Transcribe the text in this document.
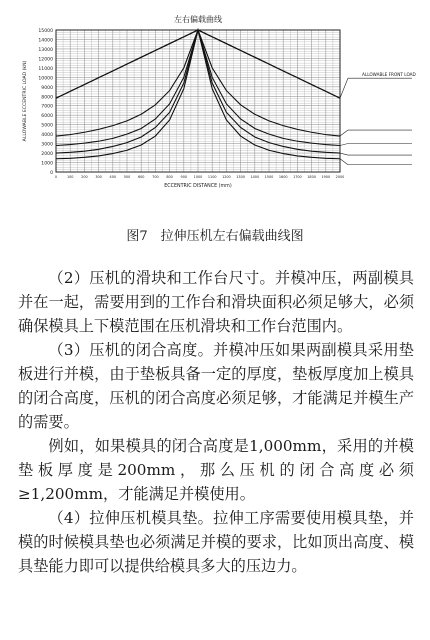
0
1000
2000
3000
4000
5000
6000
7000
8000
9000
10000
11000
12000
13000
14000
15000
0	100 200 300 400 500 600 700 800 900 1000 1100 1200 1300 1400 1500 1600 1700 1800 1900 2000
左右偏载曲线
ECCENTRIC DISTANCE (mm)
ALLOWABLE ECCENTRIC LOAD (kN)	ALLOWABLE FRONT LOAD
图7　拉伸压机左右偏载曲线图

（2）压机的滑块和工作台尺寸。并模冲压，两副模具并在一起，需要用到的工作台和滑块面积必须足够大，必须确保模具上下模范围在压机滑块和工作台范围内。

（3）压机的闭合高度。并模冲压如果两副模具采用垫板进行并模，由于垫板具备一定的厚度，垫板厚度加上模具的闭合高度，压机的闭合高度必须足够，才能满足并模生产的需要。

例如，如果模具的闭合高度是1,000mm，采用的并模垫板厚度是200mm，那么压机的闭合高度必须≥1,200mm，才能满足并模使用。

（4）拉伸压机模具垫。拉伸工序需要使用模具垫，并模的时候模具垫也必须满足并模的要求，比如顶出高度、模具垫能力即可以提供给模具多大的压边力。
